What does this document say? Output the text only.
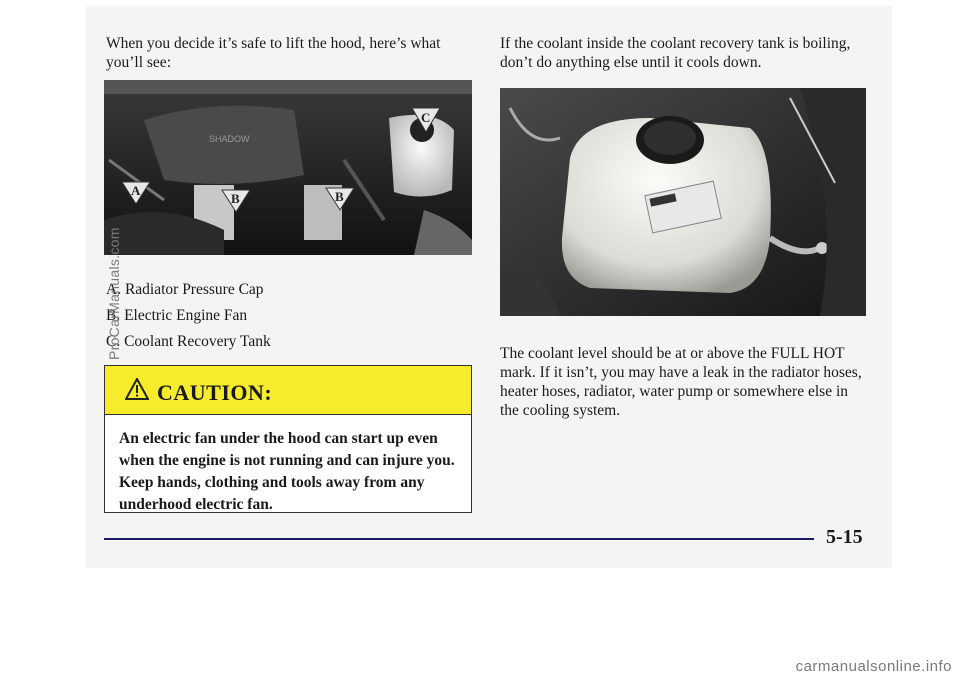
When you decide it’s safe to lift the hood, here’s what you’ll see:

SHADOW
A
B	B
C
A. Radiator Pressure Cap
B. Electric Engine Fan
C. Coolant Recovery Tank
CAUTION:

An electric fan under the hood can start up even when the engine is not running and can injure you. Keep hands, clothing and tools away from any underhood electric fan.

If the coolant inside the coolant recovery tank is boiling, don’t do anything else until it cools down.

The coolant level should be at or above the FULL HOT mark. If it isn’t, you may have a leak in the radiator hoses, heater hoses, radiator, water pump or somewhere else in the cooling system.

5-15
ProCarManuals.com
carmanualsonline.info
